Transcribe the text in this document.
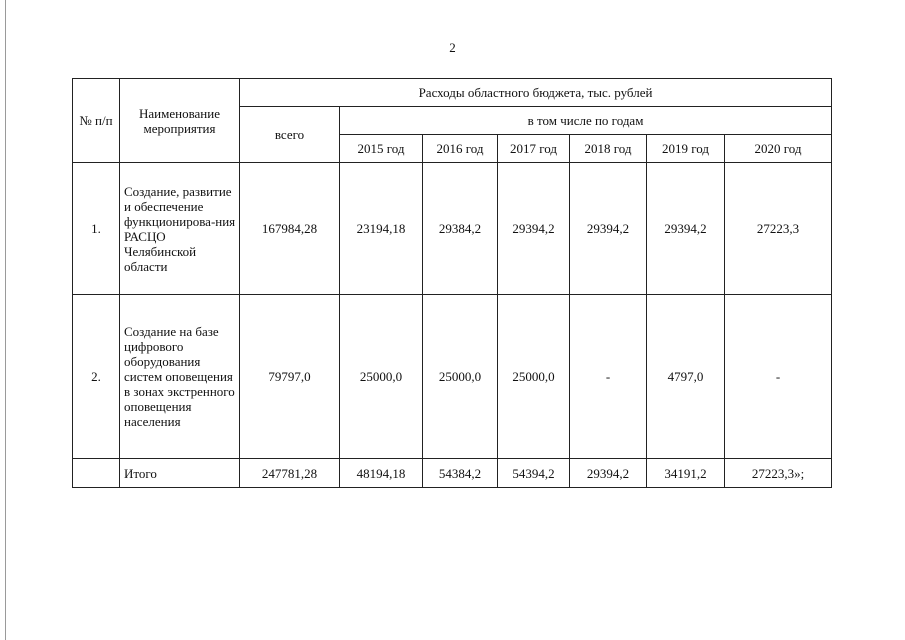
2
№ п/п	Наименование мероприятия	Расходы областного бюджета, тыс. рублей						
		всего	в том числе по годам					
			2015 год	2016 год	2017 год	2018 год	2019 год	2020 год
1.	Создание, развитие и обеспечение функционирова-ния РАСЦО Челябинской области	167984,28	23194,18	29384,2	29394,2	29394,2	29394,2	27223,3
2.	Создание на базе цифрового оборудования систем оповещения в зонах экстренного оповещения населения	79797,0	25000,0	25000,0	25000,0	-	4797,0	-
	Итого	247781,28	48194,18	54384,2	54394,2	29394,2	34191,2	27223,3»;
